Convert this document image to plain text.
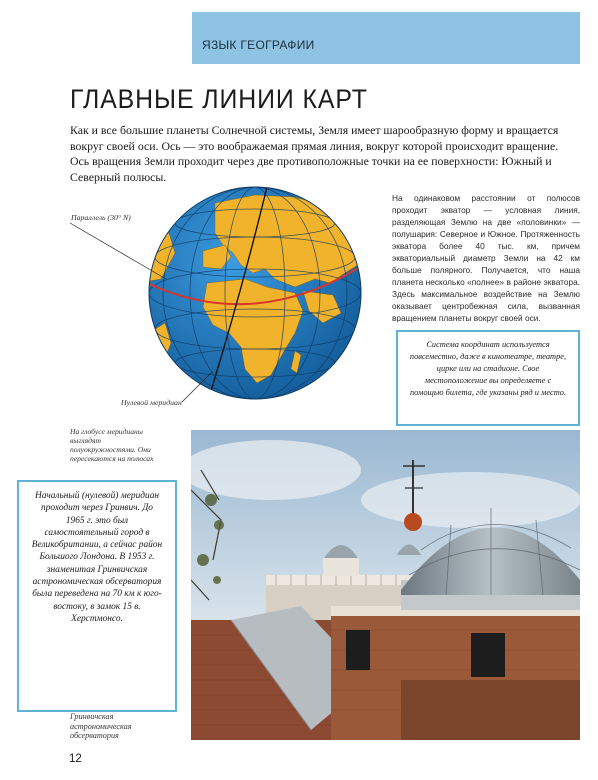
ЯЗЫК ГЕОГРАФИИ
ГЛАВНЫЕ ЛИНИИ КАРТ

Как и все большие планеты Солнечной системы, Земля имеет шарообразную форму и вращается вокруг своей оси. Ось — это воображаемая прямая линия, вокруг которой происходит вращение. Ось вращения Земли проходит через две противоположные точки на ее поверхности: Южный и Северный полюсы.

Параллель (30° N)
Нулевой меридиан
На глобусе меридианы выглядят полуокружностями. Они пересекаются на полюсах

На одинаковом расстоянии от полюсов проходит экватор — условная линия, разделяющая Землю на две «половинки» — полушария: Северное и Южное. Протяженность экватора более 40 тыс. км, причем экваториальный диаметр Земли на 42 км больше полярного. Получается, что наша планета несколько «полнее» в районе экватора. Здесь максимальное воздействие на Землю оказывает центробежная сила, вызванная вращением планеты вокруг своей оси.

Система координат используется повсеместно, даже в кинотеатре, театре, цирке или на стадионе. Свое местоположение вы определяете с помощью билета, где указаны ряд и место.
Начальный (нулевой) меридиан проходит через Гринвич. До 1965 г. это был самостоятельный город в Великобритании, а сейчас район Большого Лондона. В 1953 г. знаменитая Гринвичская астрономическая обсерватория была переведена на 70 км к юго-востоку, в замок 15 в. Херстмонсо.
Гринвичская астрономическая обсерватория
12
